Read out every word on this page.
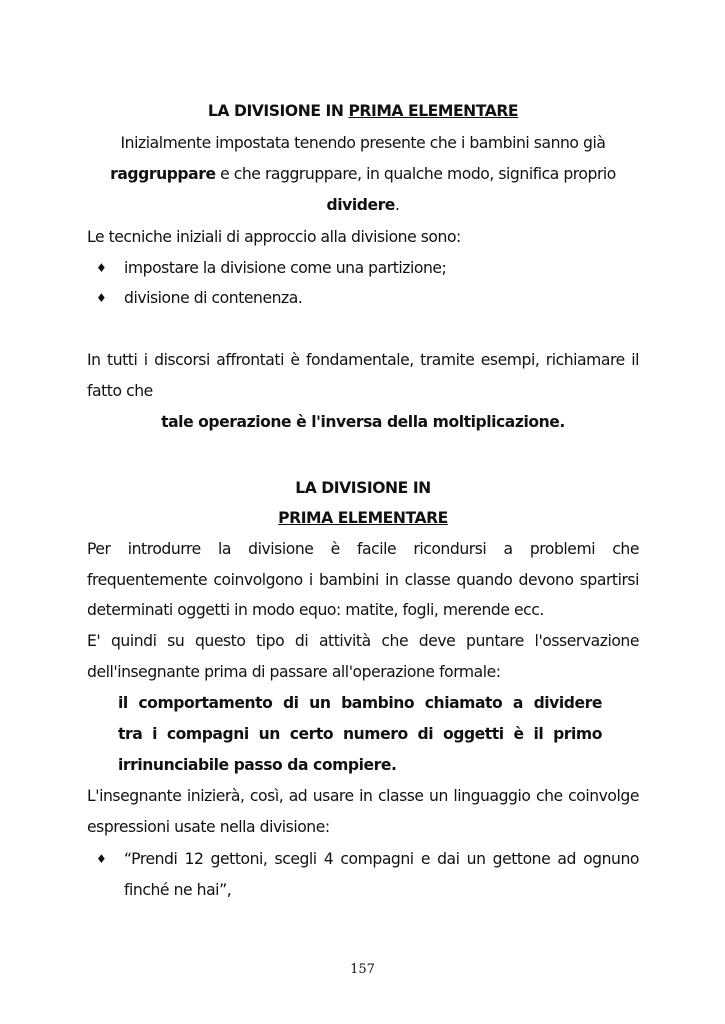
LA DIVISIONE IN PRIMA ELEMENTARE
Inizialmente impostata tenendo presente che i bambini sanno già
raggruppare e che raggruppare, in qualche modo, significa proprio
dividere.
Le tecniche iniziali di approccio alla divisione sono:
♦ impostare la divisione come una partizione;
♦ divisione di contenenza.
In tutti i discorsi affrontati è fondamentale, tramite esempi, richiamare il
fatto che
tale operazione è l'inversa della moltiplicazione.
LA DIVISIONE IN
PRIMA ELEMENTARE
Per introdurre la divisione è facile ricondursi a problemi che
frequentemente coinvolgono i bambini in classe quando devono spartirsi
determinati oggetti in modo equo: matite, fogli, merende ecc.
E' quindi su questo tipo di attività che deve puntare l'osservazione
dell'insegnante prima di passare all'operazione formale:
il comportamento di un bambino chiamato a dividere
tra i compagni un certo numero di oggetti è il primo
irrinunciabile passo da compiere.
L'insegnante inizierà, così, ad usare in classe un linguaggio che coinvolge
espressioni usate nella divisione:
♦ “Prendi 12 gettoni, scegli 4 compagni e dai un gettone ad ognuno
finché ne hai”,
157
